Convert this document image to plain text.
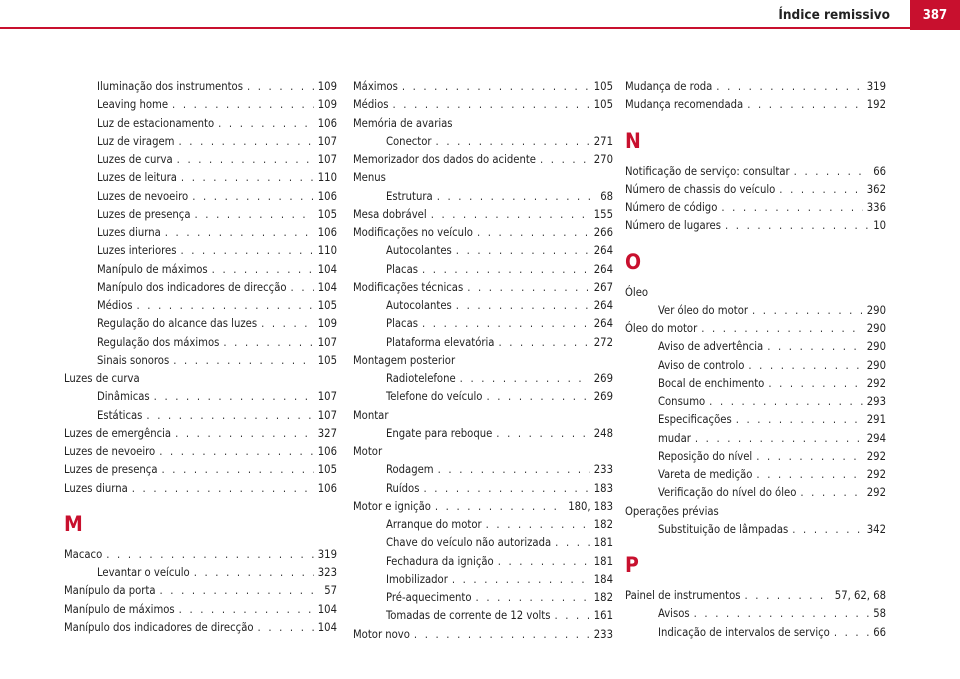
Índice remissivo	387
Iluminação dos instrumentos . . .	109
Leaving home . . .	109
Luz de estacionamento . . .	106
Luz de viragem . . .	107
Luzes de curva . . .	107
Luzes de leitura . . .	110
Luzes de nevoeiro . . .	106
Luzes de presença . . .	105
Luzes diurna . . .	106
Luzes interiores . . .	110
Manípulo de máximos . . .	104
Manípulo dos indicadores de direcção . . .	104
Médios . . .	105
Regulação do alcance das luzes . . .	109
Regulação dos máximos . . .	107
Sinais sonoros . . .	105
Luzes de curva
Dinâmicas . . .	107
Estáticas . . .	107
Luzes de emergência . . .	327
Luzes de nevoeiro . . .	106
Luzes de presença . . .	105
Luzes diurna . . .	106
M
Macaco . . .	319
Levantar o veículo . . .	323
Manípulo da porta . . .	57
Manípulo de máximos . . .	104
Manípulo dos indicadores de direcção . . .	104
Máximos . . .	105
Médios . . .	105
Memória de avarias
Conector . . .	271
Memorizador dos dados do acidente . . .	270
Menus
Estrutura . . .	68
Mesa dobrável . . .	155
Modificações no veículo . . .	266
Autocolantes . . .	264
Placas . . .	264
Modificações técnicas . . .	267
Autocolantes . . .	264
Placas . . .	264
Plataforma elevatória . . .	272
Montagem posterior
Radiotelefone . . .	269
Telefone do veículo . . .	269
Montar
Engate para reboque . . .	248
Motor
Rodagem . . .	233
Ruídos . . .	183
Motor e ignição . . .	180, 183
Arranque do motor . . .	182
Chave do veículo não autorizada . . .	181
Fechadura da ignição . . .	181
Imobilizador . . .	184
Pré-aquecimento . . .	182
Tomadas de corrente de 12 volts . . .	161
Motor novo . . .	233
Mudança de roda . . .	319
Mudança recomendada . . .	192
N
Notificação de serviço: consultar . . .	66
Número de chassis do veículo . . .	362
Número de código . . .	336
Número de lugares . . .	10
O
Óleo
Ver óleo do motor . . .	290
Óleo do motor . . .	290
Aviso de advertência . . .	290
Aviso de controlo . . .	290
Bocal de enchimento . . .	292
Consumo . . .	293
Especificações . . .	291
mudar . . .	294
Reposição do nível . . .	292
Vareta de medição . . .	292
Verificação do nível do óleo . . .	292
Operações prévias
Substituição de lâmpadas . . .	342
P
Painel de instrumentos . . .	57, 62, 68
Avisos . . .	58
Indicação de intervalos de serviço . . .	66
